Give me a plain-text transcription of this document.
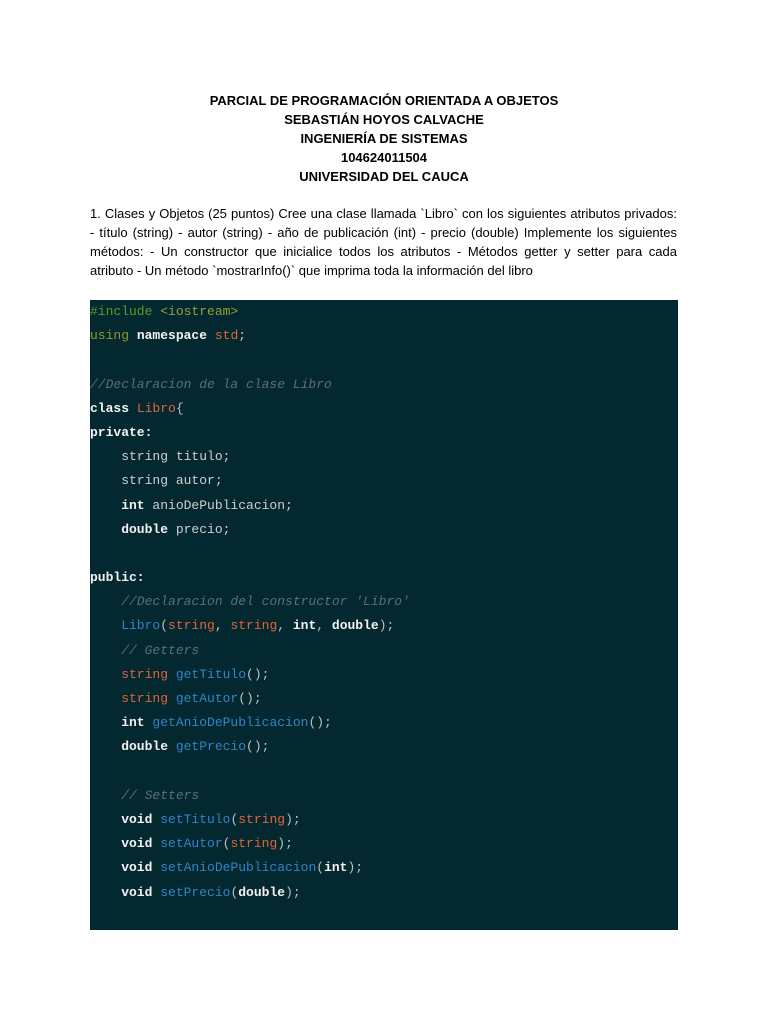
PARCIAL DE PROGRAMACIÓN ORIENTADA A OBJETOS
SEBASTIÁN HOYOS CALVACHE
INGENIERÍA DE SISTEMAS
104624011504
UNIVERSIDAD DEL CAUCA
1. Clases y Objetos (25 puntos) Cree una clase llamada `Libro` con los siguientes atributos privados: - título (string) - autor (string) - año de publicación (int) - precio (double) Implemente los siguientes métodos: - Un constructor que inicialice todos los atributos - Métodos getter y setter para cada atributo - Un método `mostrarInfo()` que imprima toda la información del libro
#include <iostream>
using namespace std;
//Declaracion de la clase Libro
class Libro{
private:
string titulo;
string autor;
int anioDePublicacion;
double precio;
public:
//Declaracion del constructor 'Libro'
Libro(string, string, int, double);
// Getters
string getTitulo();
string getAutor();
int getAnioDePublicacion();
double getPrecio();
// Setters
void setTitulo(string);
void setAutor(string);
void setAnioDePublicacion(int);
void setPrecio(double);
